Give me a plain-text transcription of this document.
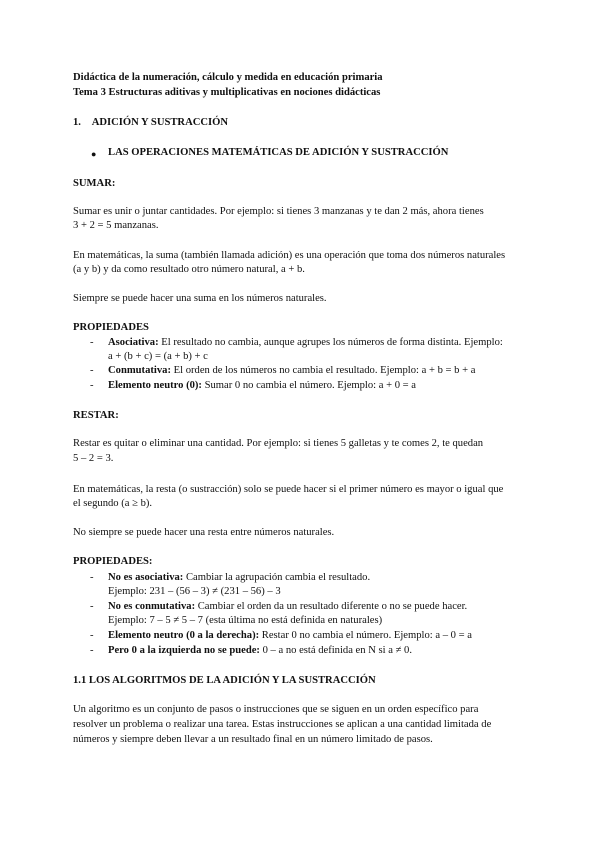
Didáctica de la numeración, cálculo y medida en educación primaria
Tema 3 Estructuras aditivas y multiplicativas en nociones didácticas
1. ADICIÓN Y SUSTRACCIÓN
● LAS OPERACIONES MATEMÁTICAS DE ADICIÓN Y SUSTRACCIÓN
SUMAR:
Sumar es unir o juntar cantidades. Por ejemplo: si tienes 3 manzanas y te dan 2 más, ahora tienes
3 + 2 = 5 manzanas.
En matemáticas, la suma (también llamada adición) es una operación que toma dos números naturales
(a y b) y da como resultado otro número natural, a + b.
Siempre se puede hacer una suma en los números naturales.
PROPIEDADES
- Asociativa: El resultado no cambia, aunque agrupes los números de forma distinta. Ejemplo:
a + (b + c) = (a + b) + c
- Conmutativa: El orden de los números no cambia el resultado. Ejemplo: a + b = b + a
- Elemento neutro (0): Sumar 0 no cambia el número. Ejemplo: a + 0 = a
RESTAR:
Restar es quitar o eliminar una cantidad. Por ejemplo: si tienes 5 galletas y te comes 2, te quedan
5 – 2 = 3.
En matemáticas, la resta (o sustracción) solo se puede hacer si el primer número es mayor o igual que
el segundo (a ≥ b).
No siempre se puede hacer una resta entre números naturales.
PROPIEDADES:
- No es asociativa: Cambiar la agrupación cambia el resultado.
Ejemplo: 231 – (56 – 3) ≠ (231 – 56) – 3
- No es conmutativa: Cambiar el orden da un resultado diferente o no se puede hacer.
Ejemplo: 7 – 5 ≠ 5 – 7 (esta última no está definida en naturales)
- Elemento neutro (0 a la derecha): Restar 0 no cambia el número. Ejemplo: a – 0 = a
- Pero 0 a la izquierda no se puede: 0 – a no está definida en N si a ≠ 0.
1.1 LOS ALGORITMOS DE LA ADICIÓN Y LA SUSTRACCIÓN
Un algoritmo es un conjunto de pasos o instrucciones que se siguen en un orden específico para
resolver un problema o realizar una tarea. Estas instrucciones se aplican a una cantidad limitada de
números y siempre deben llevar a un resultado final en un número limitado de pasos.
